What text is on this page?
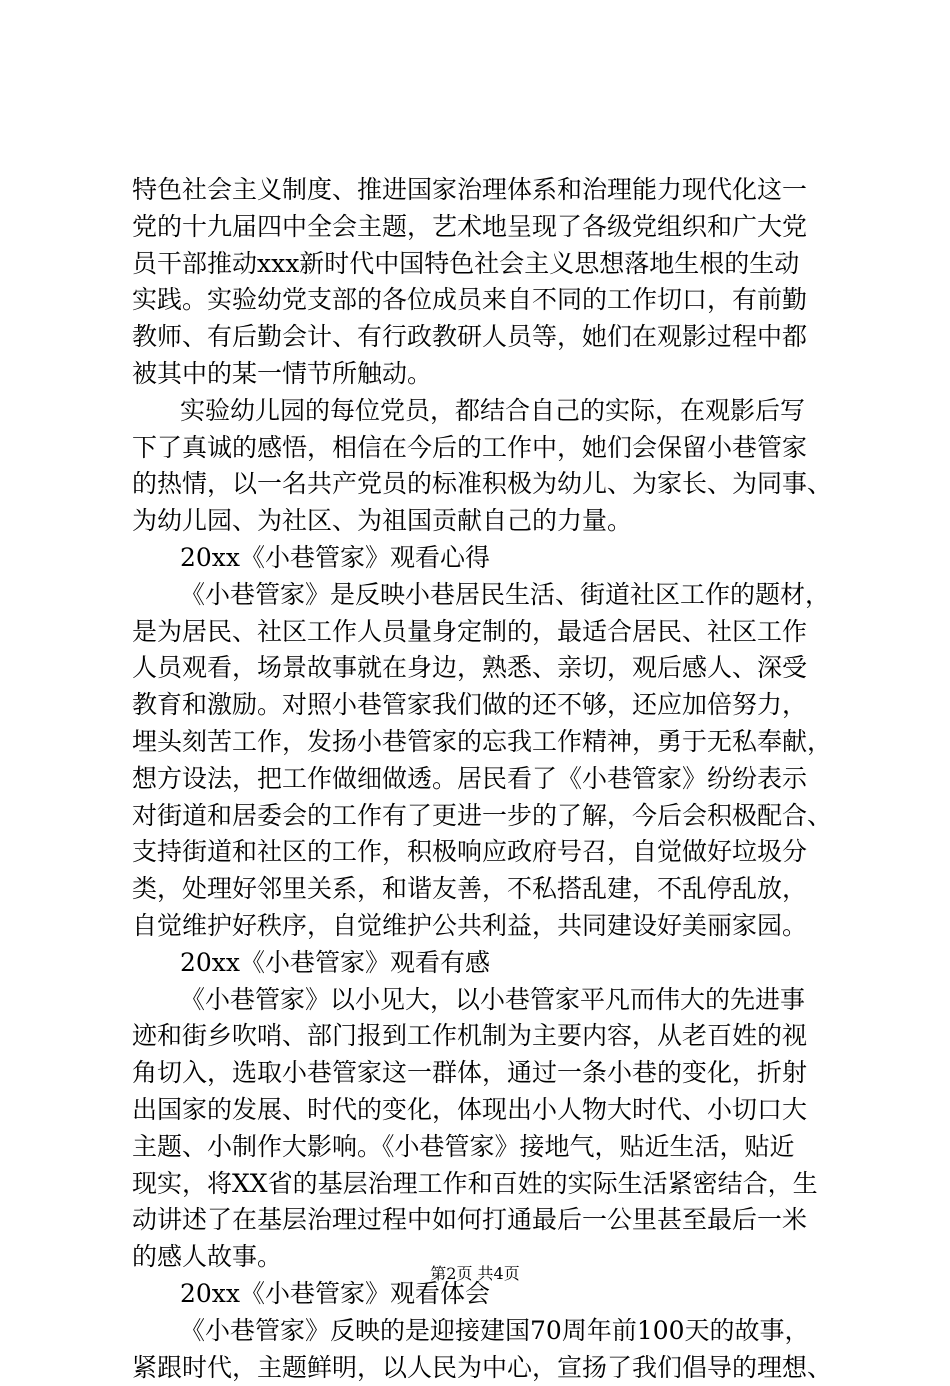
特色社会主义制度、推进国家治理体系和治理能力现代化这一
党的十九届四中全会主题，艺术地呈现了各级党组织和广大党
员干部推动xxx新时代中国特色社会主义思想落地生根的生动
实践。实验幼党支部的各位成员来自不同的工作切口，有前勤
教师、有后勤会计、有行政教研人员等，她们在观影过程中都
被其中的某一情节所触动。
实验幼儿园的每位党员，都结合自己的实际，在观影后写
下了真诚的感悟，相信在今后的工作中，她们会保留小巷管家
的热情，以一名共产党员的标准积极为幼儿、为家长、为同事、
为幼儿园、为社区、为祖国贡献自己的力量。
20xx《小巷管家》观看心得
《小巷管家》是反映小巷居民生活、街道社区工作的题材，
是为居民、社区工作人员量身定制的，最适合居民、社区工作
人员观看，场景故事就在身边，熟悉、亲切，观后感人、深受
教育和激励。对照小巷管家我们做的还不够，还应加倍努力，
埋头刻苦工作，发扬小巷管家的忘我工作精神，勇于无私奉献，
想方设法，把工作做细做透。居民看了《小巷管家》纷纷表示
对街道和居委会的工作有了更进一步的了解，今后会积极配合、
支持街道和社区的工作，积极响应政府号召，自觉做好垃圾分
类，处理好邻里关系，和谐友善，不私搭乱建，不乱停乱放，
自觉维护好秩序，自觉维护公共利益，共同建设好美丽家园。
20xx《小巷管家》观看有感
《小巷管家》以小见大，以小巷管家平凡而伟大的先进事
迹和街乡吹哨、部门报到工作机制为主要内容，从老百姓的视
角切入，选取小巷管家这一群体，通过一条小巷的变化，折射
出国家的发展、时代的变化，体现出小人物大时代、小切口大
主题、小制作大影响。《小巷管家》接地气，贴近生活，贴近
现实，将XX省的基层治理工作和百姓的实际生活紧密结合，生
动讲述了在基层治理过程中如何打通最后一公里甚至最后一米
的感人故事。
20xx《小巷管家》观看体会
《小巷管家》反映的是迎接建国70周年前100天的故事，
紧跟时代，主题鲜明，以人民为中心，宣扬了我们倡导的理想、
第2页 共4页
